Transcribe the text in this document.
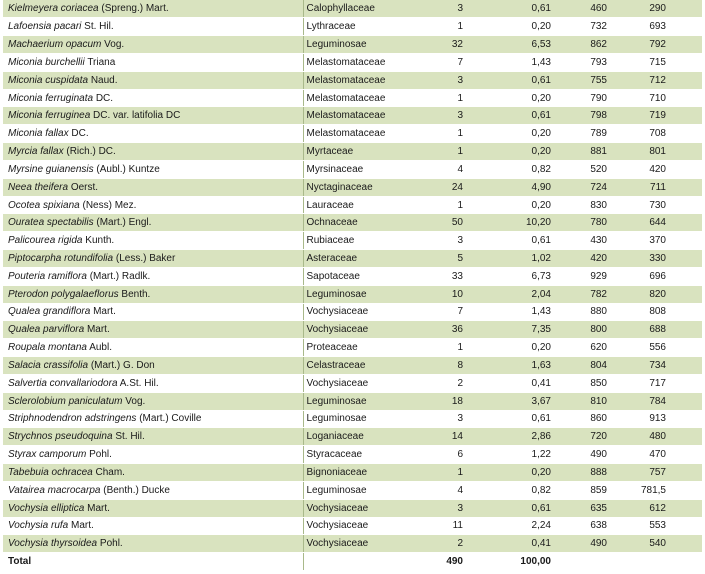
Kielmeyera coriacea (Spreng.) Mart.	Calophyllaceae	3	0,61	460	290
Lafoensia pacari St. Hil.	Lythraceae	1	0,20	732	693
Machaerium opacum Vog.	Leguminosae	32	6,53	862	792
Miconia burchellii Triana	Melastomataceae	7	1,43	793	715
Miconia cuspidata Naud.	Melastomataceae	3	0,61	755	712
Miconia ferruginata DC.	Melastomataceae	1	0,20	790	710
Miconia ferruginea DC. var. latifolia DC	Melastomataceae	3	0,61	798	719
Miconia fallax DC.	Melastomataceae	1	0,20	789	708
Myrcia fallax (Rich.) DC.	Myrtaceae	1	0,20	881	801
Myrsine guianensis (Aubl.) Kuntze	Myrsinaceae	4	0,82	520	420
Neea theifera Oerst.	Nyctaginaceae	24	4,90	724	711
Ocotea spixiana (Ness) Mez.	Lauraceae	1	0,20	830	730
Ouratea spectabilis (Mart.) Engl.	Ochnaceae	50	10,20	780	644
Palicourea rigida Kunth.	Rubiaceae	3	0,61	430	370
Piptocarpha rotundifolia (Less.) Baker	Asteraceae	5	1,02	420	330
Pouteria ramiflora (Mart.) Radlk.	Sapotaceae	33	6,73	929	696
Pterodon polygalaeflorus Benth.	Leguminosae	10	2,04	782	820
Qualea grandiflora Mart.	Vochysiaceae	7	1,43	880	808
Qualea parviflora Mart.	Vochysiaceae	36	7,35	800	688
Roupala montana Aubl.	Proteaceae	1	0,20	620	556
Salacia crassifolia (Mart.) G. Don	Celastraceae	8	1,63	804	734
Salvertia convallariodora A.St. Hil.	Vochysiaceae	2	0,41	850	717
Sclerolobium paniculatum Vog.	Leguminosae	18	3,67	810	784
Striphnodendron adstringens (Mart.) Coville	Leguminosae	3	0,61	860	913
Strychnos pseudoquina St. Hil.	Loganiaceae	14	2,86	720	480
Styrax camporum Pohl.	Styracaceae	6	1,22	490	470
Tabebuia ochracea Cham.	Bignoniaceae	1	0,20	888	757
Vatairea macrocarpa (Benth.) Ducke	Leguminosae	4	0,82	859	781,5
Vochysia elliptica Mart.	Vochysiaceae	3	0,61	635	612
Vochysia rufa Mart.	Vochysiaceae	11	2,24	638	553
Vochysia thyrsoidea Pohl.	Vochysiaceae	2	0,41	490	540
Total		490	100,00		
